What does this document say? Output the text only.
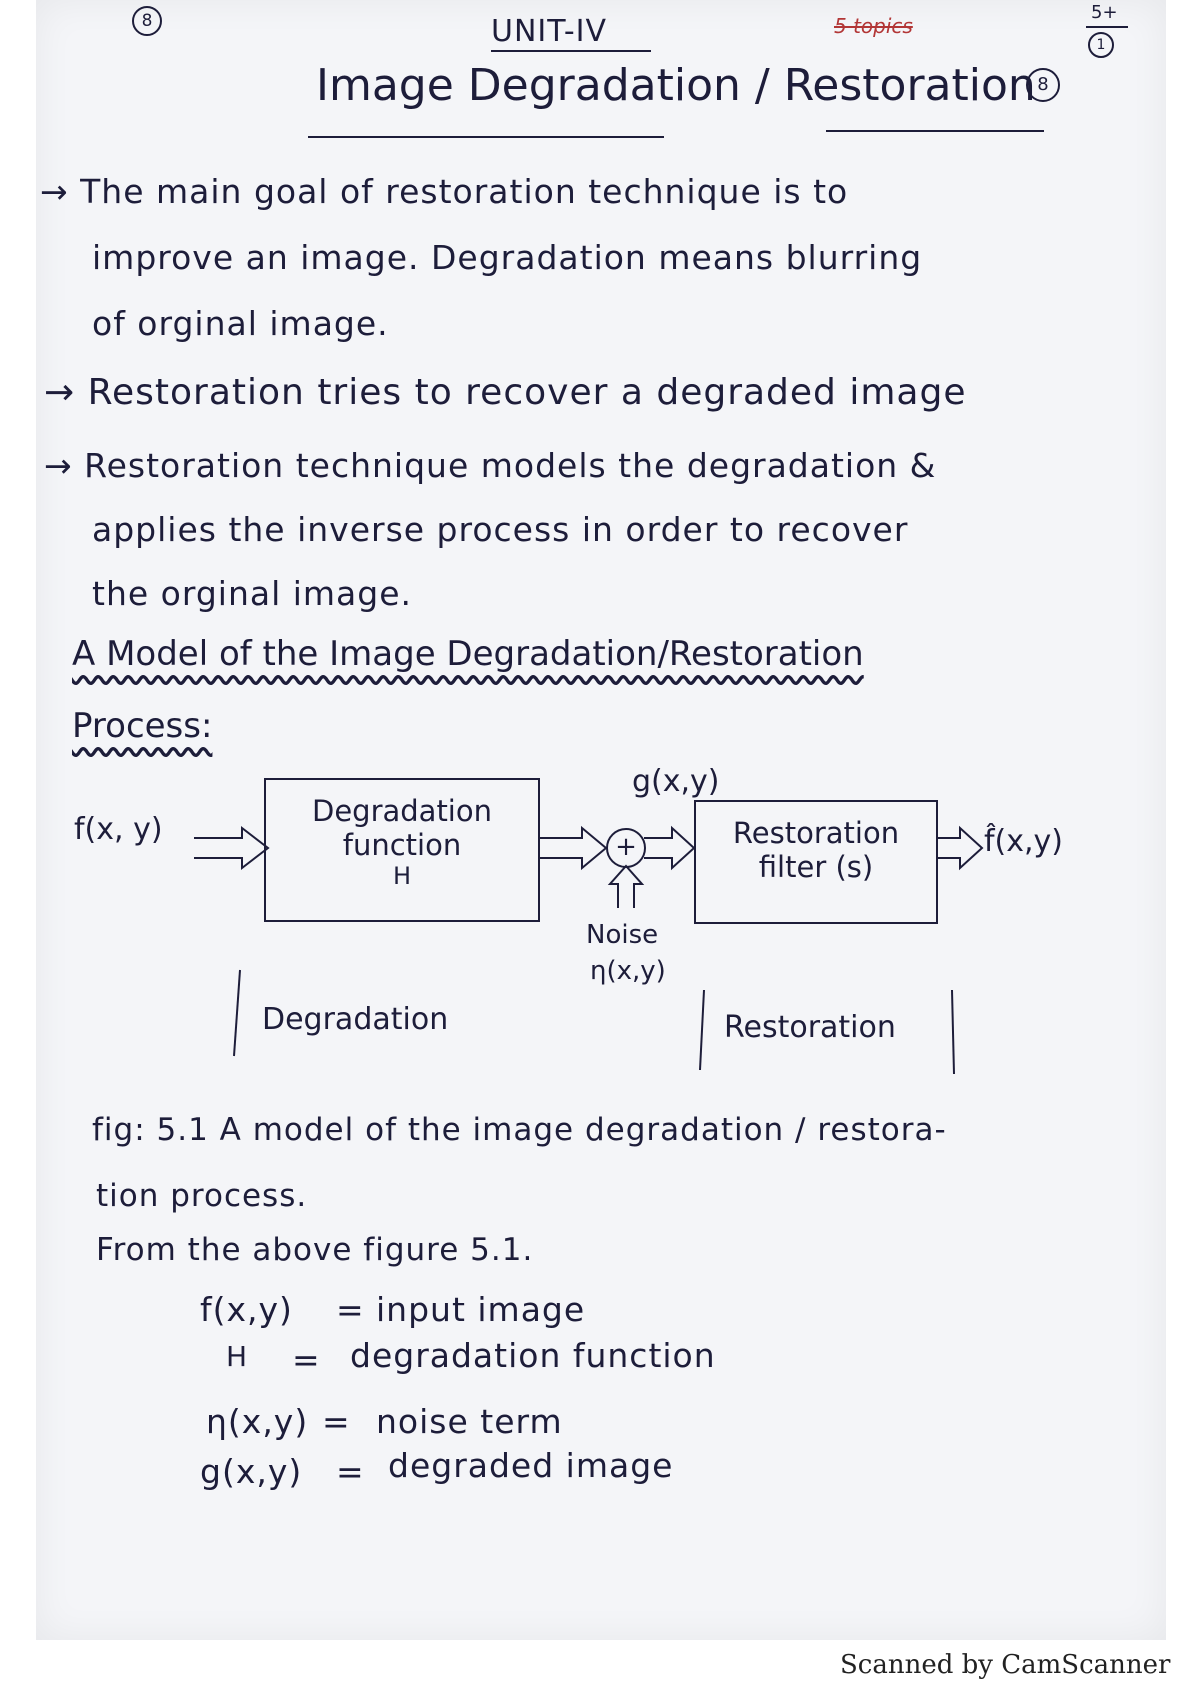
8	UNIT-IV	5 topics
5+
1
8
Image Degradation / Restoration
→ The main goal of restoration technique is to
improve an image. Degradation means blurring
of orginal image.
→ Restoration tries to recover a degraded image
→ Restoration technique models the degradation &
applies the inverse process in order to recover
the orginal image.
A Model of the Image Degradation/Restoration
Process:
f(x, y)
Degradation
function
H
+
g(x,y)
Restoration
filter (s)
f̂(x,y)
Noise
η(x,y)
Degradation	Restoration
fig: 5.1 A model of the image degradation / restora-
tion process.
From the above figure 5.1.
f(x,y) = input image
H = degradation function
η(x,y) = noise term
g(x,y) = degraded image
Scanned by CamScanner
